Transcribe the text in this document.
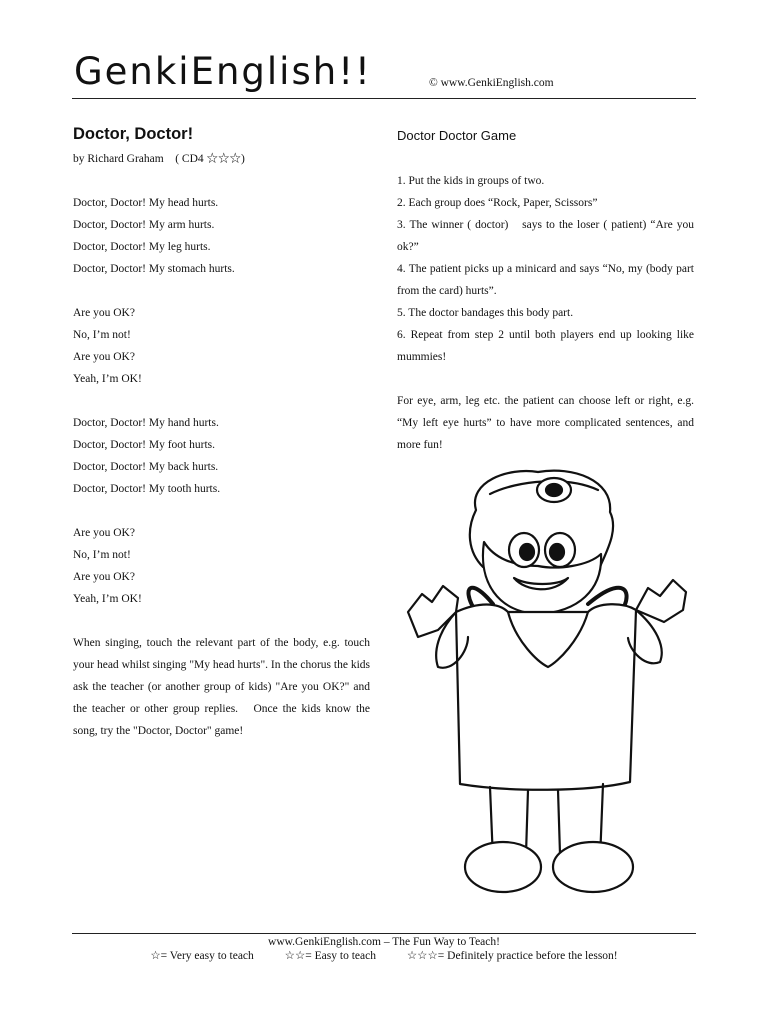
GenkiEnglish!!	© www.GenkiEnglish.com
Doctor, Doctor!
by Richard Graham　( CD4 ☆☆☆)
Doctor, Doctor! My head hurts.
Doctor, Doctor! My arm hurts.
Doctor, Doctor! My leg hurts.
Doctor, Doctor! My stomach hurts.
Are you OK?
No, I’m not!
Are you OK?
Yeah, I’m OK!
Doctor, Doctor! My hand hurts.
Doctor, Doctor! My foot hurts.
Doctor, Doctor! My back hurts.
Doctor, Doctor! My tooth hurts.
Are you OK?
No, I’m not!
Are you OK?
Yeah, I’m OK!
When singing, touch the relevant part of the body, e.g. touch your head whilst singing "My head hurts". In the chorus the kids ask the teacher (or another group of kids) "Are you OK?" and the teacher or other group replies.　Once the kids know the song, try the "Doctor, Doctor" game!
Doctor Doctor Game

1. Put the kids in groups of two.

2. Each group does “Rock, Paper, Scissors”

3. The winner ( doctor)　says to the loser ( patient) “Are you ok?”

4. The patient picks up a minicard and says “No, my (body part from the card) hurts”.

5. The doctor bandages this body part.

6. Repeat from step 2 until both players end up looking like mummies!

For eye, arm, leg etc. the patient can choose left or right, e.g. “My left eye hurts” to have more complicated sentences, and more fun!

www.GenkiEnglish.com – The Fun Way to Teach!
☆= Very easy to teach	☆☆= Easy to teach	☆☆☆= Definitely practice before the lesson!
